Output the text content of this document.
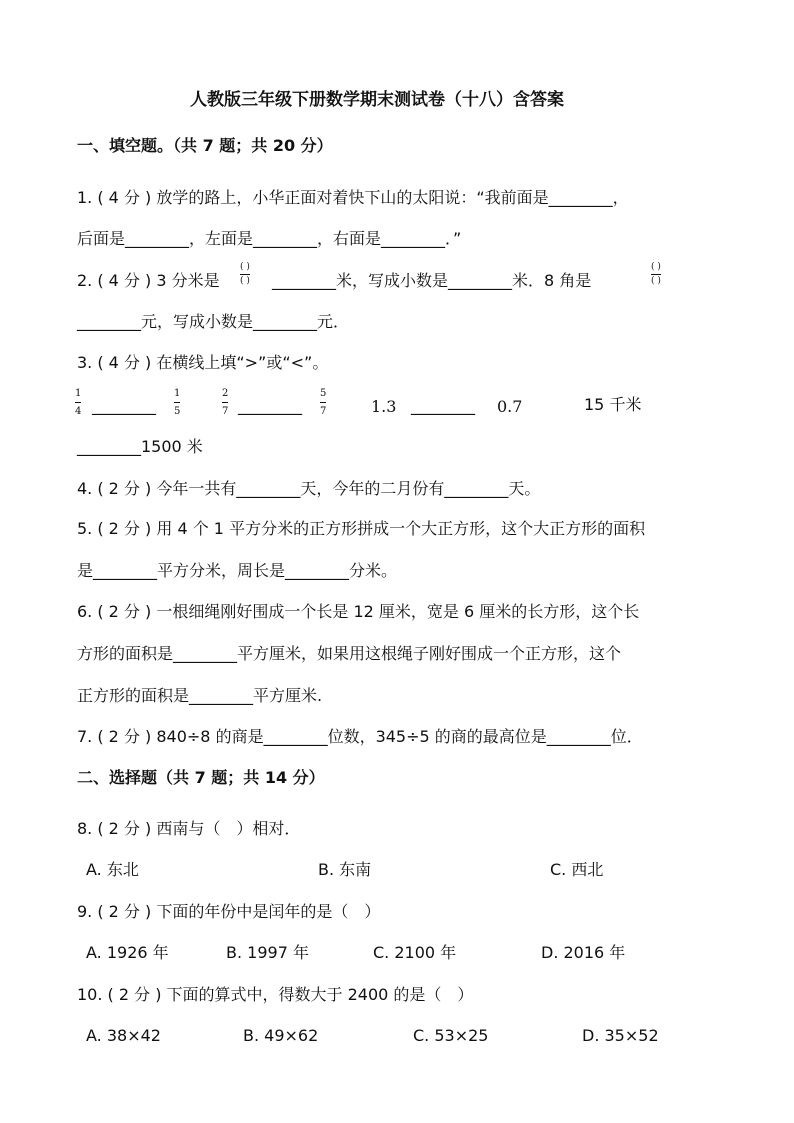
人教版三年级下册数学期末测试卷（十八）含答案
一、填空题。（共 7 题；共 20 分）
1. ( 4 分 ) 放学的路上，小华正面对着快下山的太阳说：“我前面是________，
后面是________，左面是________，右面是________．”
2. ( 4 分 ) 3 分米是
( )
( ) ________米，写成小数是________米．8 角是
( )
( )
________元，写成小数是________元．
3. ( 4 分 ) 在横线上填“>”或“<”。
1
4 ________
1
5
2
7 ________
5
7	1.3 ________ 0.7	15 千米
________1500 米
4. ( 2 分 ) 今年一共有________天，今年的二月份有________天。
5. ( 2 分 ) 用 4 个 1 平方分米的正方形拼成一个大正方形，这个大正方形的面积
是________平方分米，周长是________分米。
6. ( 2 分 ) 一根细绳刚好围成一个长是 12 厘米，宽是 6 厘米的长方形，这个长
方形的面积是________平方厘米，如果用这根绳子刚好围成一个正方形，这个
正方形的面积是________平方厘米.
7. ( 2 分 ) 840÷8 的商是________位数，345÷5 的商的最高位是________位．
二、选择题（共 7 题；共 14 分）
8. ( 2 分 ) 西南与（　）相对．
A. 东北	B. 东南	C. 西北
9. ( 2 分 ) 下面的年份中是闰年的是（　）
A. 1926 年	B. 1997 年	C. 2100 年	D. 2016 年
10. ( 2 分 ) 下面的算式中，得数大于 2400 的是（　）
A. 38×42	B. 49×62	C. 53×25	D. 35×52
